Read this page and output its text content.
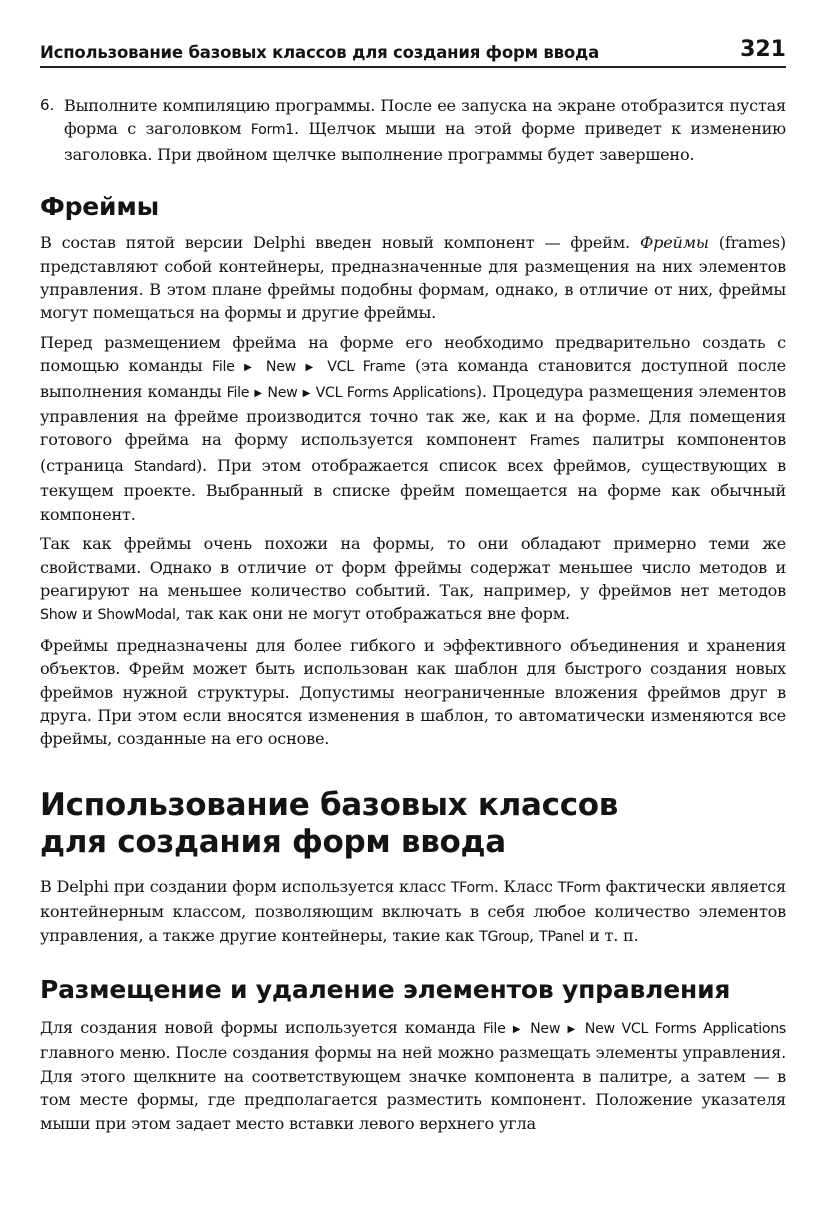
Использование базовых классов для создания форм ввода	321
6. Выполните компиляцию программы. После ее запуска на экране отобразится пустая форма с заголовком Form1. Щелчок мыши на этой форме приведет к изменению заголовка. При двойном щелчке выполнение программы будет завершено.

Фреймы

В состав пятой версии Delphi введен новый компонент — фрейм. Фреймы (frames) представляют собой контейнеры, предназначенные для размещения на них элементов управления. В этом плане фреймы подобны формам, однако, в отличие от них, фреймы могут помещаться на формы и другие фреймы.

Перед размещением фрейма на форме его необходимо предварительно создать с помощью команды File ▶ New ▶ VCL Frame (эта команда становится доступной после выполнения команды File ▶ New ▶ VCL Forms Applications). Процедура размещения элементов управления на фрейме производится точно так же, как и на форме. Для помещения готового фрейма на форму используется компонент Frames палитры компонентов (страница Standard). При этом отображается список всех фреймов, существующих в текущем проекте. Выбранный в списке фрейм помещается на форме как обычный компонент.

Так как фреймы очень похожи на формы, то они обладают примерно теми же свойствами. Однако в отличие от форм фреймы содержат меньшее число методов и реагируют на меньшее количество событий. Так, например, у фреймов нет методов Show и ShowModal, так как они не могут отображаться вне форм.

Фреймы предназначены для более гибкого и эффективного объединения и хранения объектов. Фрейм может быть использован как шаблон для быстрого создания новых фреймов нужной структуры. Допустимы неограниченные вложения фреймов друг в друга. При этом если вносятся изменения в шаблон, то автоматически изменяются все фреймы, созданные на его основе.

Использование базовых классов
для создания форм ввода

В Delphi при создании форм используется класс TForm. Класс TForm фактически является контейнерным классом, позволяющим включать в себя любое количество элементов управления, а также другие контейнеры, такие как TGroup, TPanel и т. п.

Размещение и удаление элементов управления

Для создания новой формы используется команда File ▶ New ▶ New VCL Forms Applications главного меню. После создания формы на ней можно размещать элементы управления. Для этого щелкните на соответствующем значке компонента в палитре, а затем — в том месте формы, где предполагается разместить компонент. Положение указателя мыши при этом задает место вставки левого верхнего угла
